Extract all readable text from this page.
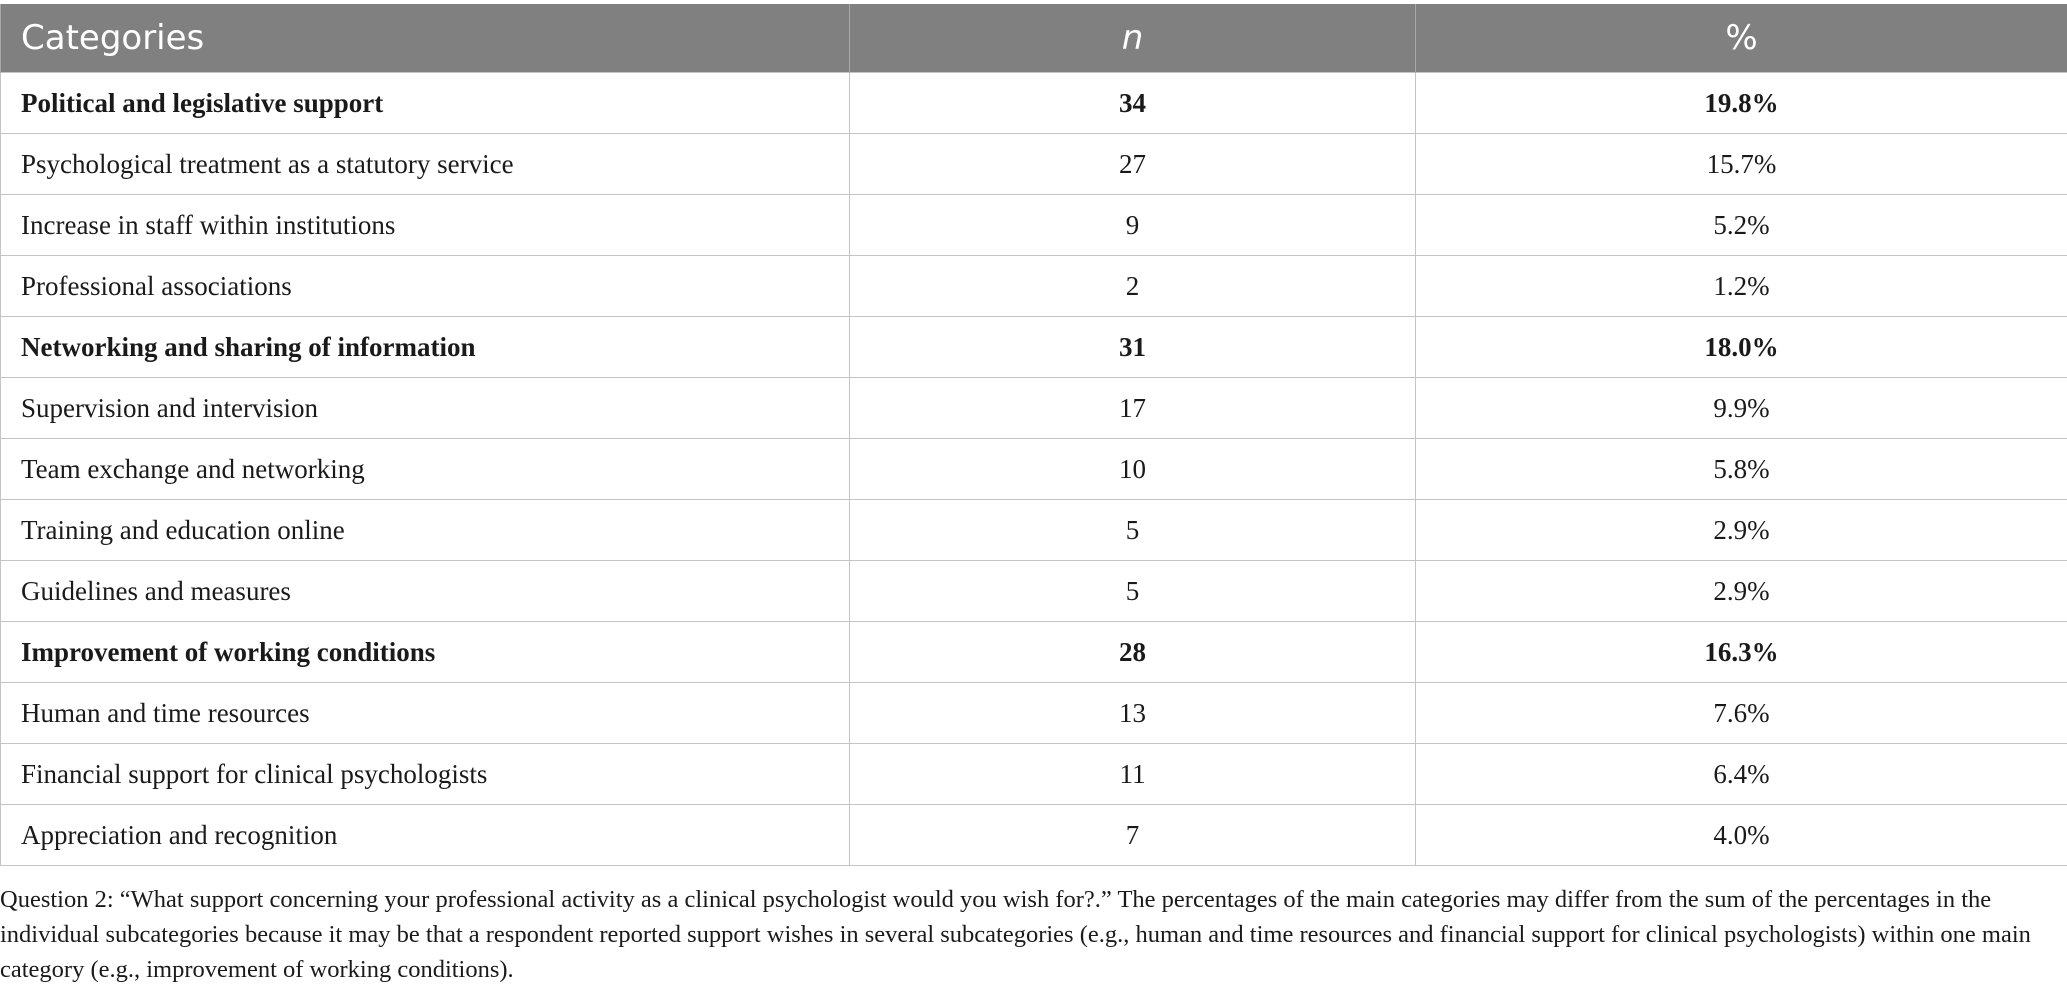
Categories	n	%
Political and legislative support	34	19.8%
Psychological treatment as a statutory service	27	15.7%
Increase in staff within institutions	9	5.2%
Professional associations	2	1.2%
Networking and sharing of information	31	18.0%
Supervision and intervision	17	9.9%
Team exchange and networking	10	5.8%
Training and education online	5	2.9%
Guidelines and measures	5	2.9%
Improvement of working conditions	28	16.3%
Human and time resources	13	7.6%
Financial support for clinical psychologists	11	6.4%
Appreciation and recognition	7	4.0%

Question 2: “What support concerning your professional activity as a clinical psychologist would you wish for?.” The percentages of the main categories may differ from the sum of the percentages in the individual subcategories because it may be that a respondent reported support wishes in several subcategories (e.g., human and time resources and financial support for clinical psychologists) within one main category (e.g., improvement of working conditions).
